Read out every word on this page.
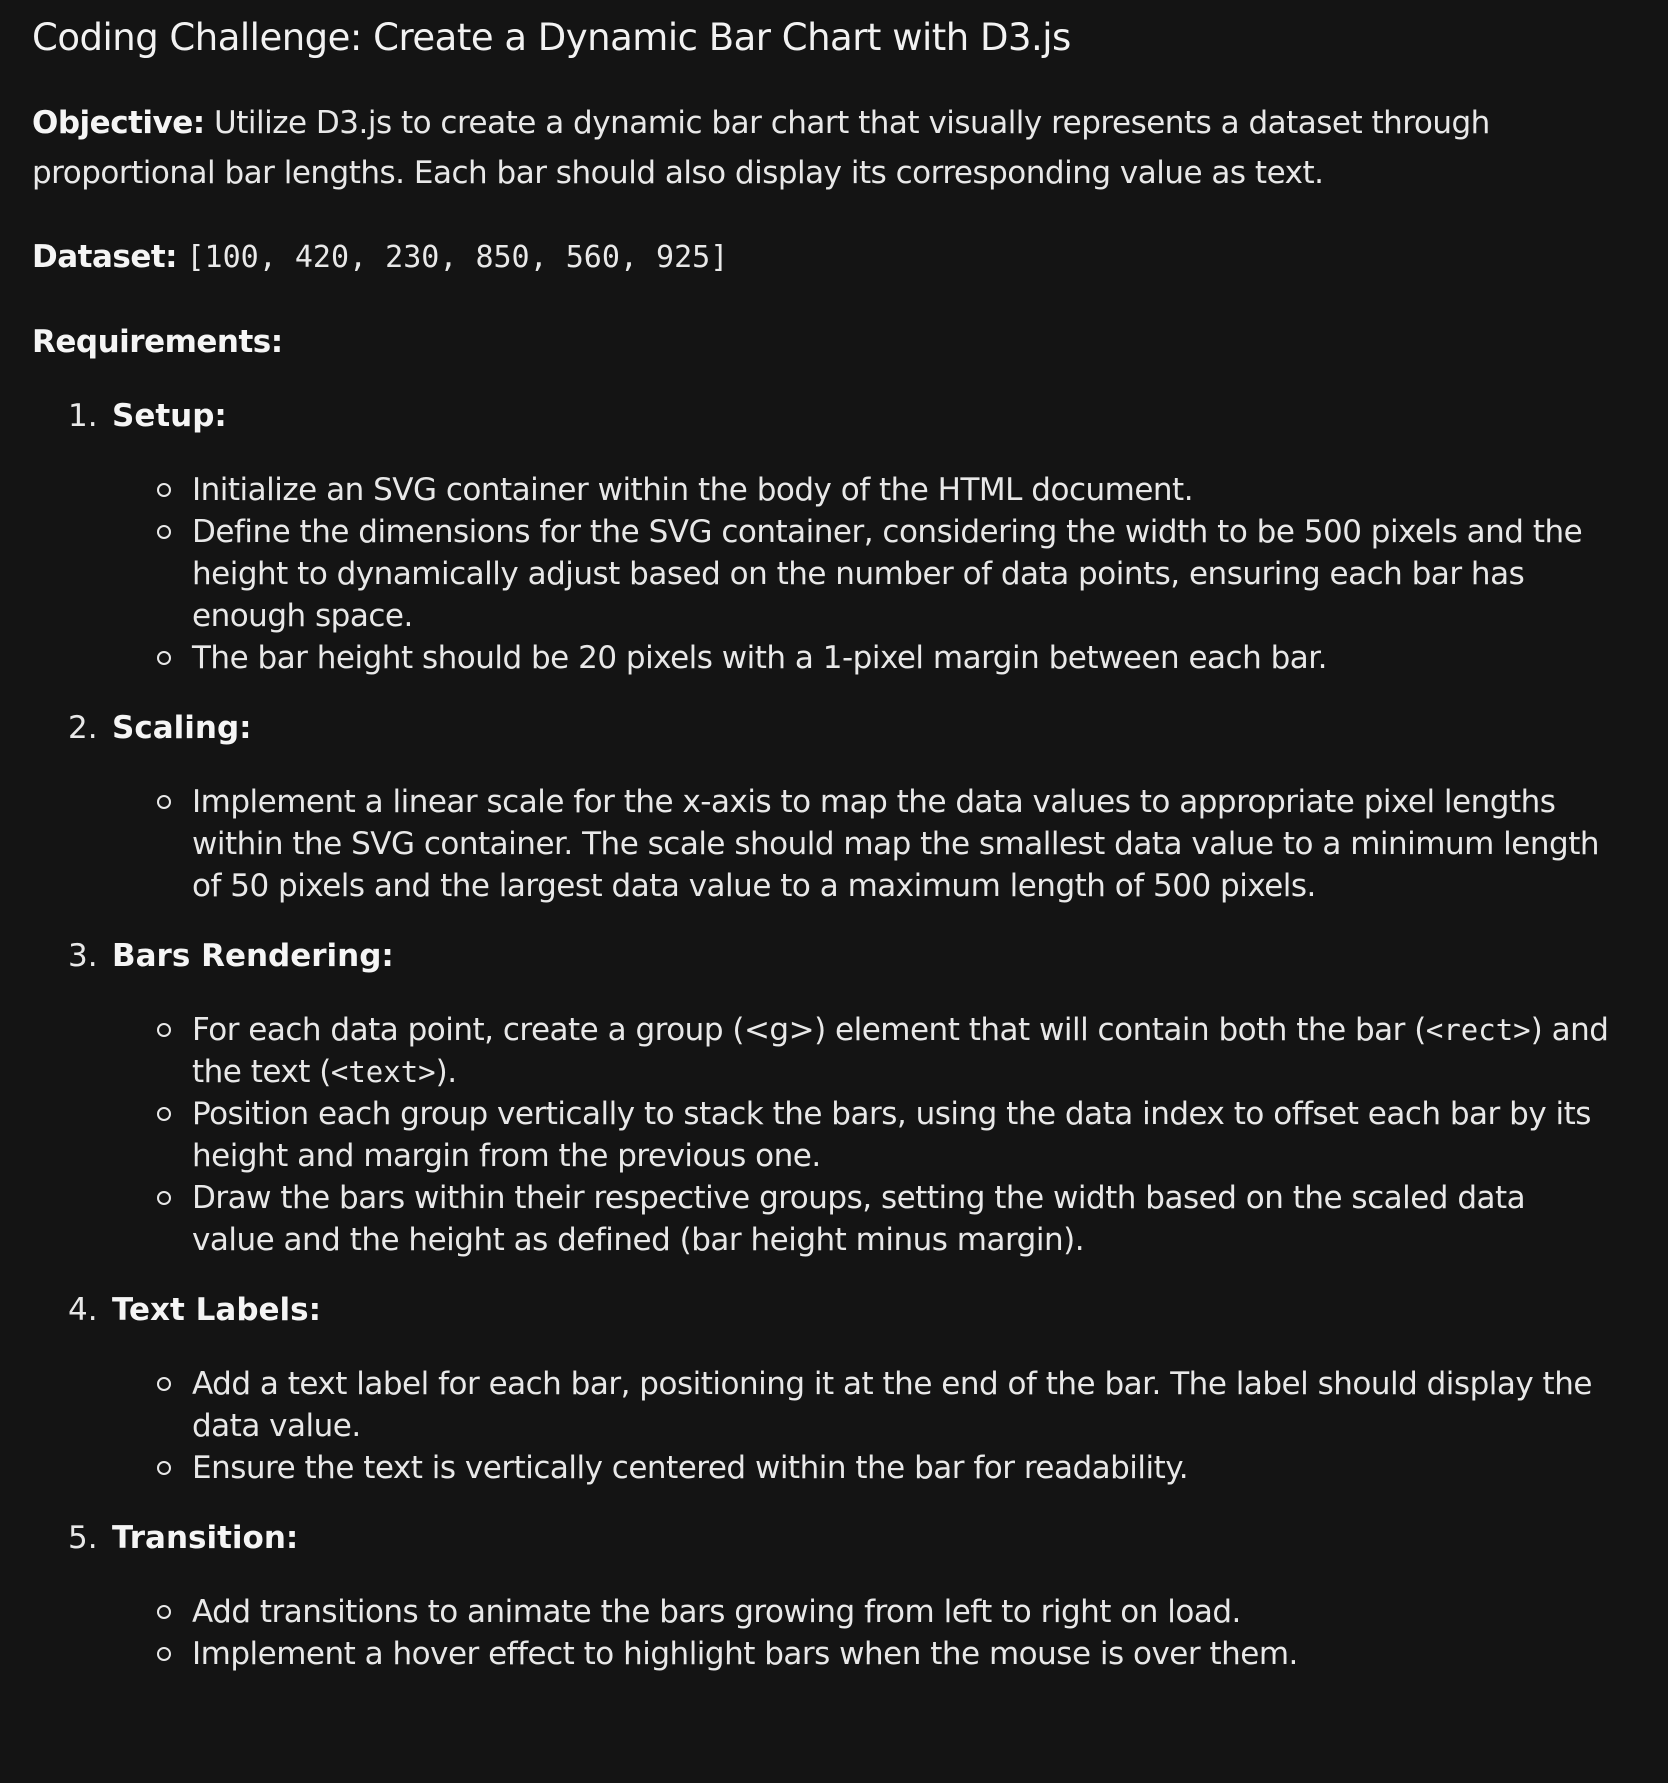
Coding Challenge: Create a Dynamic Bar Chart with D3.js

Objective: Utilize D3.js to create a dynamic bar chart that visually represents a dataset through proportional bar lengths. Each bar should also display its corresponding value as text.

Dataset: [100, 420, 230, 850, 560, 925]

Requirements:

1. Setup:
Initialize an SVG container within the body of the HTML document.
Define the dimensions for the SVG container, considering the width to be 500 pixels and the height to dynamically adjust based on the number of data points, ensuring each bar has enough space.
The bar height should be 20 pixels with a 1-pixel margin between each bar.
2. Scaling:
Implement a linear scale for the x-axis to map the data values to appropriate pixel lengths within the SVG container. The scale should map the smallest data value to a minimum length of 50 pixels and the largest data value to a maximum length of 500 pixels.
3. Bars Rendering:
For each data point, create a group (<g>) element that will contain both the bar (<rect>) and the text (<text>).
Position each group vertically to stack the bars, using the data index to offset each bar by its height and margin from the previous one.
Draw the bars within their respective groups, setting the width based on the scaled data value and the height as defined (bar height minus margin).
4. Text Labels:
Add a text label for each bar, positioning it at the end of the bar. The label should display the data value.
Ensure the text is vertically centered within the bar for readability.
5. Transition:
Add transitions to animate the bars growing from left to right on load.
Implement a hover effect to highlight bars when the mouse is over them.
